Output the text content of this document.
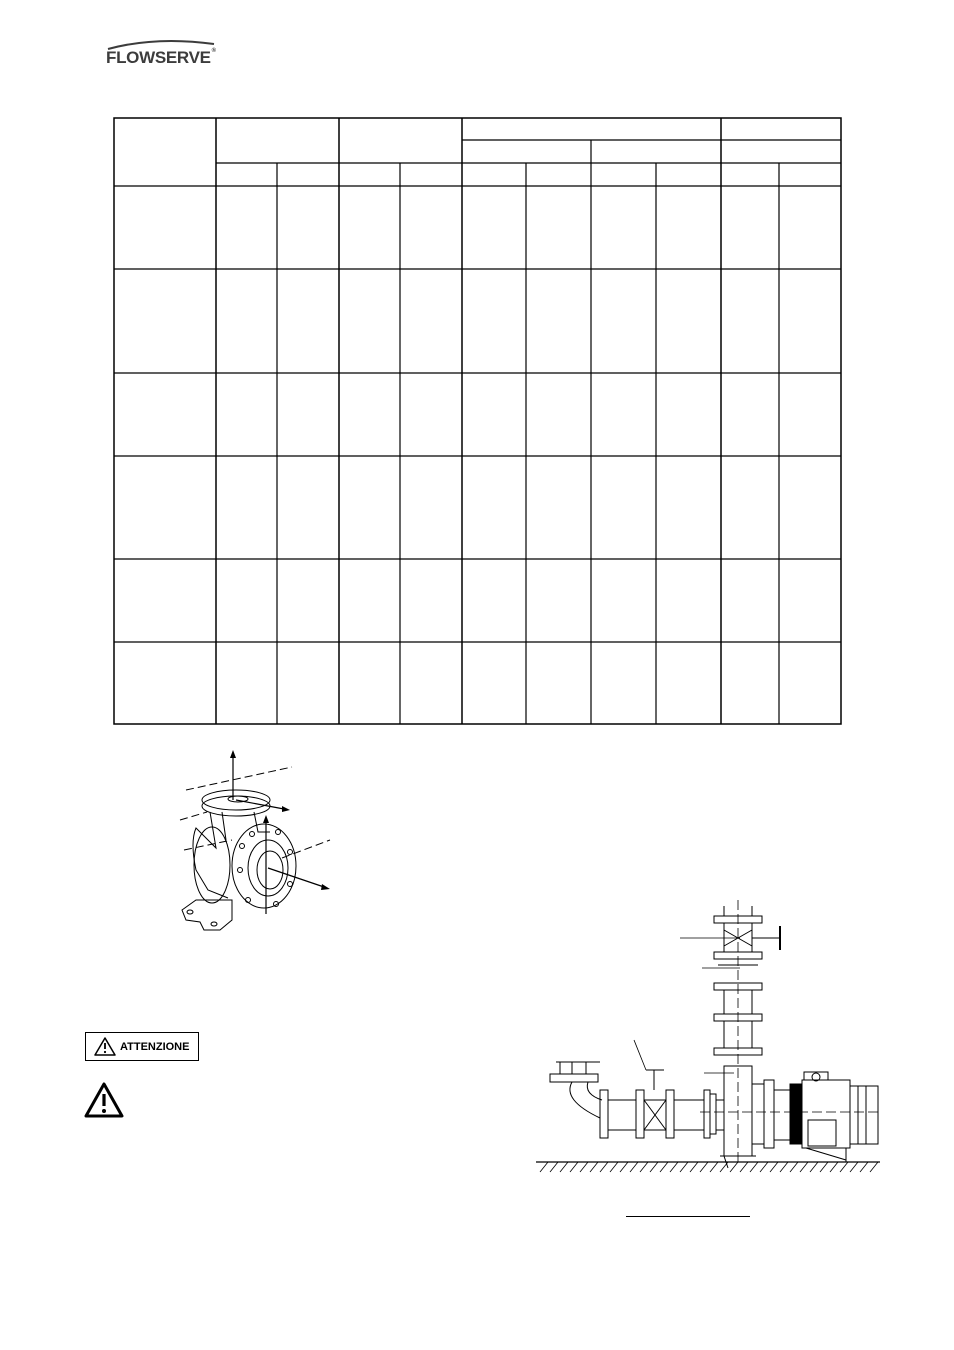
FLOWSERVE®
ATTENZIONE
